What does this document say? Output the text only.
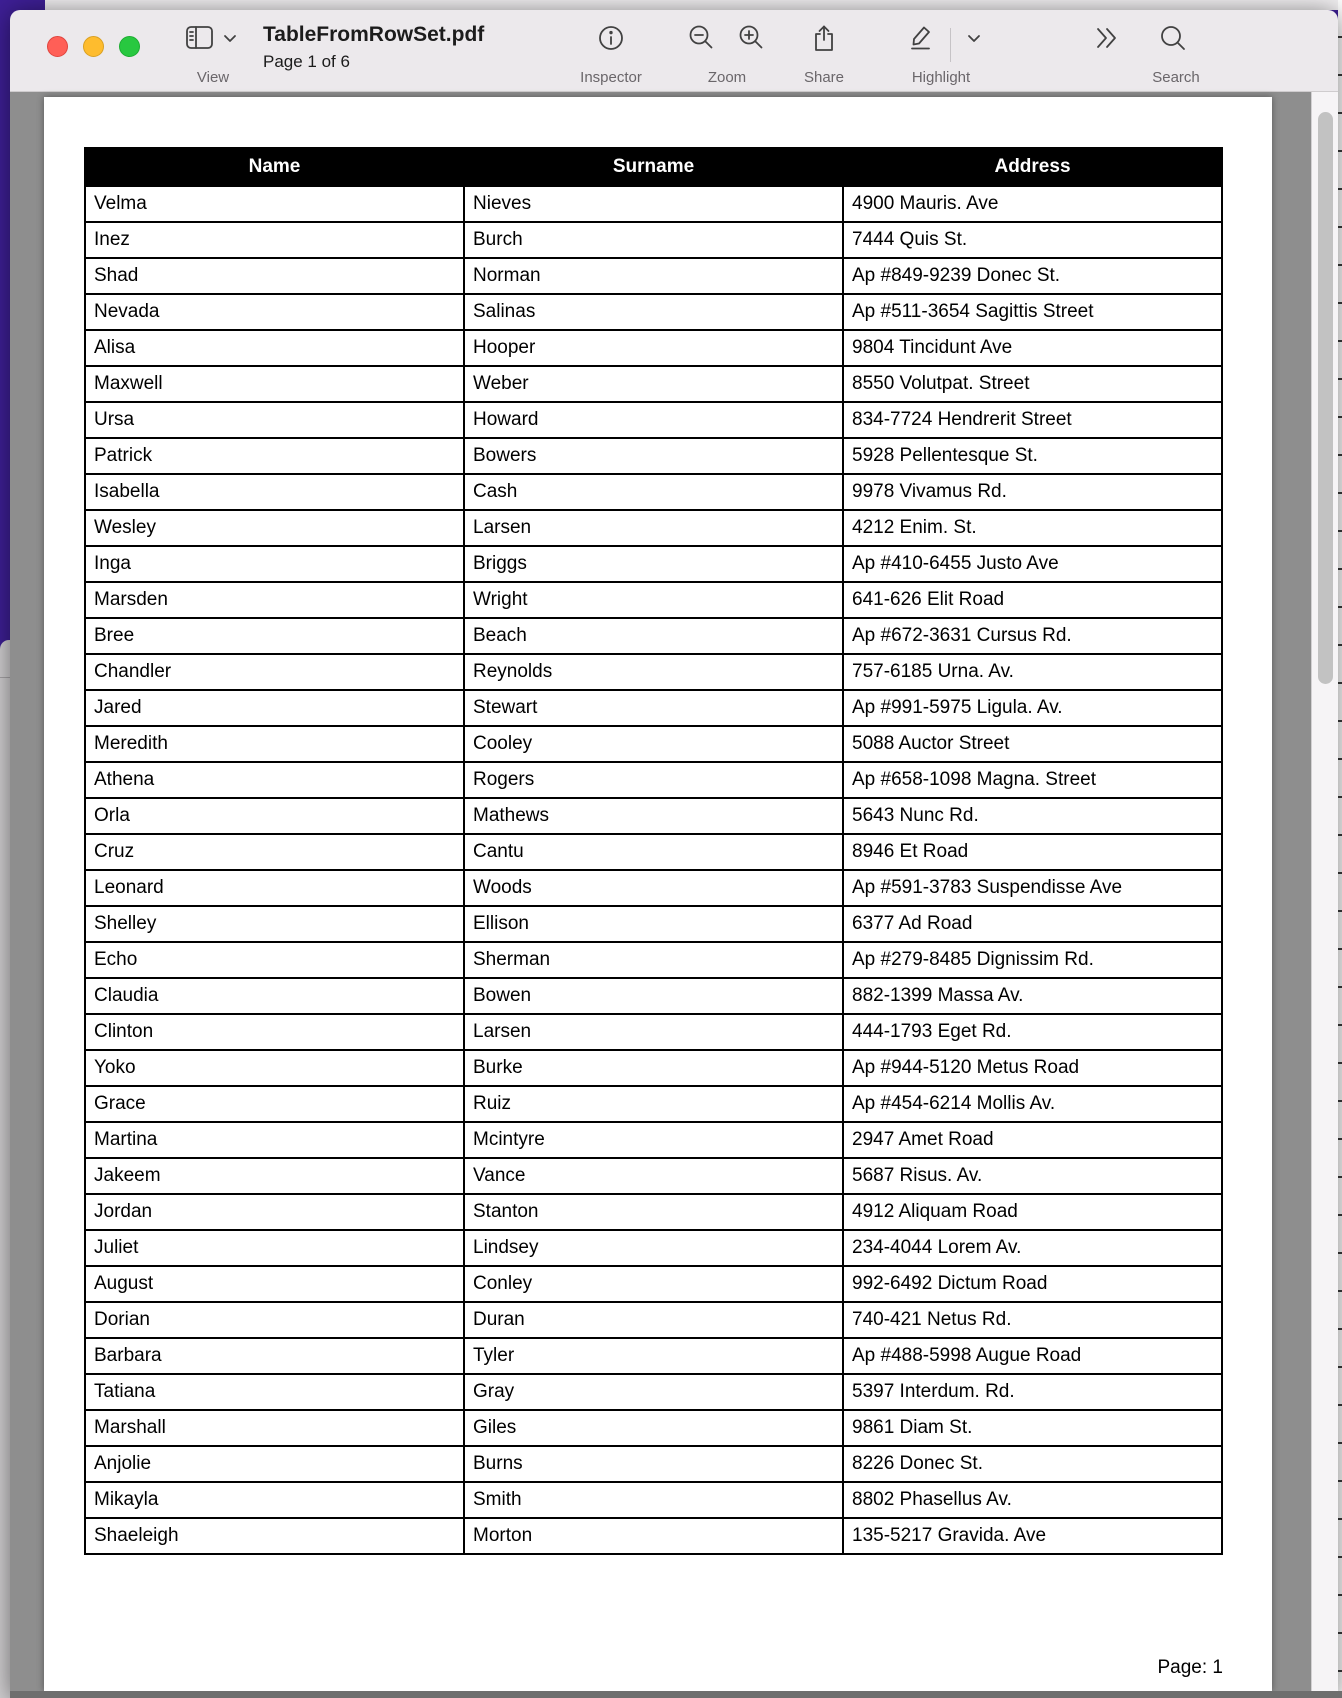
View
TableFromRowSet.pdf
Page 1 of 6
Inspector	Zoom	Share	Highlight	Search
Name	Surname	Address
Velma	Nieves	4900 Mauris. Ave
Inez	Burch	7444 Quis St.
Shad	Norman	Ap #849-9239 Donec St.
Nevada	Salinas	Ap #511-3654 Sagittis Street
Alisa	Hooper	9804 Tincidunt Ave
Maxwell	Weber	8550 Volutpat. Street
Ursa	Howard	834-7724 Hendrerit Street
Patrick	Bowers	5928 Pellentesque St.
Isabella	Cash	9978 Vivamus Rd.
Wesley	Larsen	4212 Enim. St.
Inga	Briggs	Ap #410-6455 Justo Ave
Marsden	Wright	641-626 Elit Road
Bree	Beach	Ap #672-3631 Cursus Rd.
Chandler	Reynolds	757-6185 Urna. Av.
Jared	Stewart	Ap #991-5975 Ligula. Av.
Meredith	Cooley	5088 Auctor Street
Athena	Rogers	Ap #658-1098 Magna. Street
Orla	Mathews	5643 Nunc Rd.
Cruz	Cantu	8946 Et Road
Leonard	Woods	Ap #591-3783 Suspendisse Ave
Shelley	Ellison	6377 Ad Road
Echo	Sherman	Ap #279-8485 Dignissim Rd.
Claudia	Bowen	882-1399 Massa Av.
Clinton	Larsen	444-1793 Eget Rd.
Yoko	Burke	Ap #944-5120 Metus Road
Grace	Ruiz	Ap #454-6214 Mollis Av.
Martina	Mcintyre	2947 Amet Road
Jakeem	Vance	5687 Risus. Av.
Jordan	Stanton	4912 Aliquam Road
Juliet	Lindsey	234-4044 Lorem Av.
August	Conley	992-6492 Dictum Road
Dorian	Duran	740-421 Netus Rd.
Barbara	Tyler	Ap #488-5998 Augue Road
Tatiana	Gray	5397 Interdum. Rd.
Marshall	Giles	9861 Diam St.
Anjolie	Burns	8226 Donec St.
Mikayla	Smith	8802 Phasellus Av.
Shaeleigh	Morton	135-5217 Gravida. Ave
Page: 1
